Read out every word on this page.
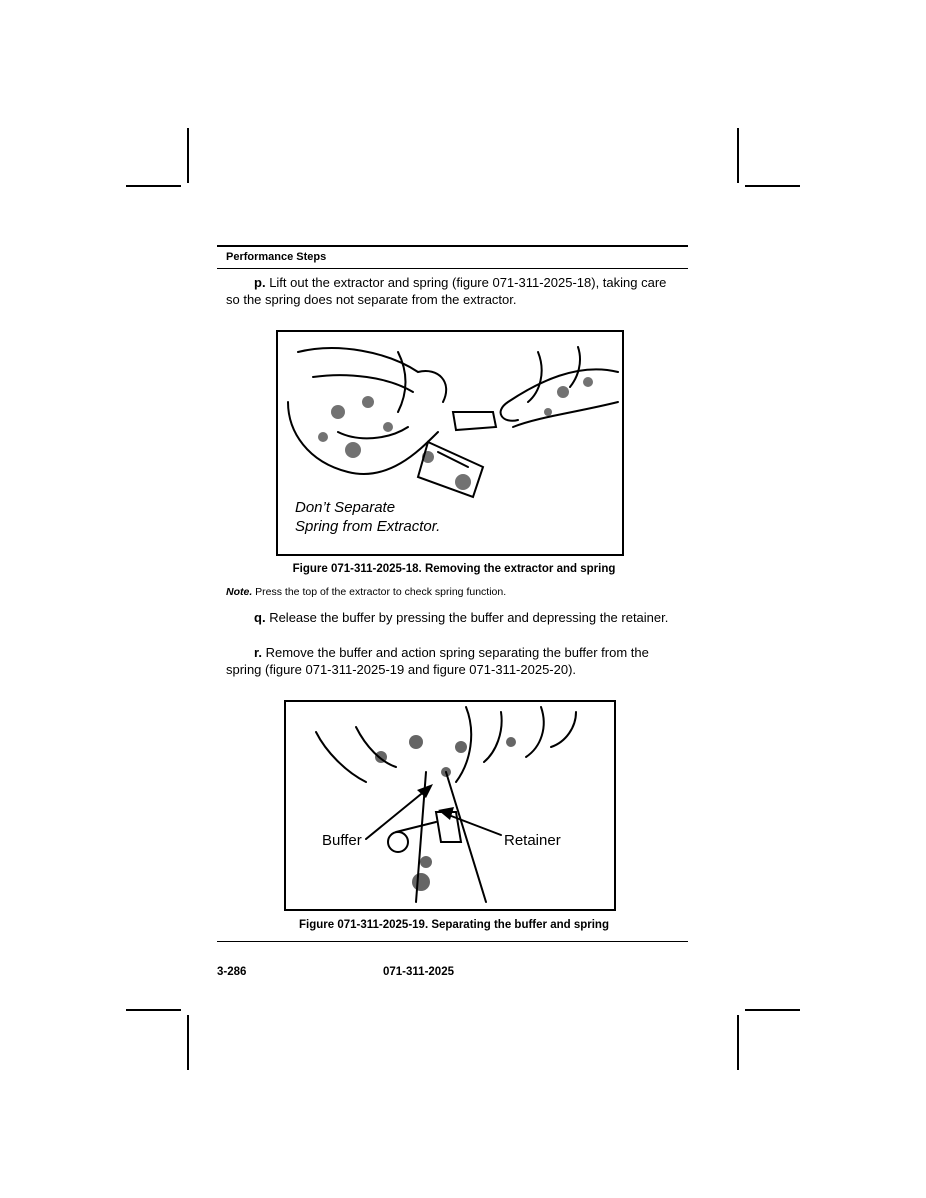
Performance Steps
p. Lift out the extractor and spring (figure 071-311-2025-18), taking care so the spring does not separate from the extractor.
Don’t Separate
Spring from Extractor.
Figure 071-311-2025-18. Removing the extractor and spring
Note. Press the top of the extractor to check spring function.
q. Release the buffer by pressing the buffer and depressing the retainer.
r. Remove the buffer and action spring separating the buffer from the spring (figure 071-311-2025-19 and figure 071-311-2025-20).
Buffer	Retainer
Figure 071-311-2025-19. Separating the buffer and spring
3-286	071-311-2025
